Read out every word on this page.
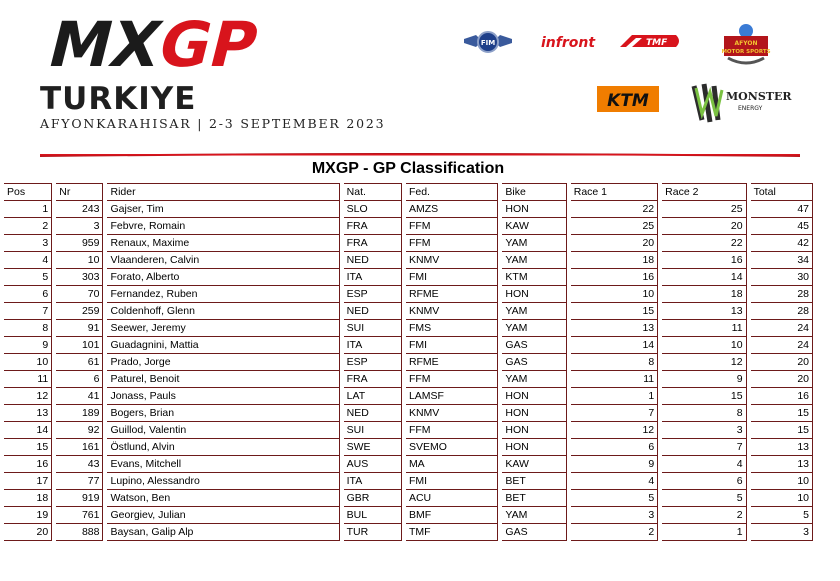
MX
GP
TURKIYE
AFYONKARAHISAR | 2-3 SEPTEMBER 2023
FIM	infront	TMF	AFYON
MOTOR SPORTS
KTM	MONSTER
ENERGY
MXGP - GP Classification
Pos		Nr		Rider		Nat.		Fed.		Bike		Race 1		Race 2		Total
1		243		Gajser, Tim		SLO		AMZS		HON		22		25		47
2		3		Febvre, Romain		FRA		FFM		KAW		25		20		45
3		959		Renaux, Maxime		FRA		FFM		YAM		20		22		42
4		10		Vlaanderen, Calvin		NED		KNMV		YAM		18		16		34
5		303		Forato, Alberto		ITA		FMI		KTM		16		14		30
6		70		Fernandez, Ruben		ESP		RFME		HON		10		18		28
7		259		Coldenhoff, Glenn		NED		KNMV		YAM		15		13		28
8		91		Seewer, Jeremy		SUI		FMS		YAM		13		11		24
9		101		Guadagnini, Mattia		ITA		FMI		GAS		14		10		24
10		61		Prado, Jorge		ESP		RFME		GAS		8		12		20
11		6		Paturel, Benoit		FRA		FFM		YAM		11		9		20
12		41		Jonass, Pauls		LAT		LAMSF		HON		1		15		16
13		189		Bogers, Brian		NED		KNMV		HON		7		8		15
14		92		Guillod, Valentin		SUI		FFM		HON		12		3		15
15		161		Östlund, Alvin		SWE		SVEMO		HON		6		7		13
16		43		Evans, Mitchell		AUS		MA		KAW		9		4		13
17		77		Lupino, Alessandro		ITA		FMI		BET		4		6		10
18		919		Watson, Ben		GBR		ACU		BET		5		5		10
19		761		Georgiev, Julian		BUL		BMF		YAM		3		2		5
20		888		Baysan, Galip Alp		TUR		TMF		GAS		2		1		3
